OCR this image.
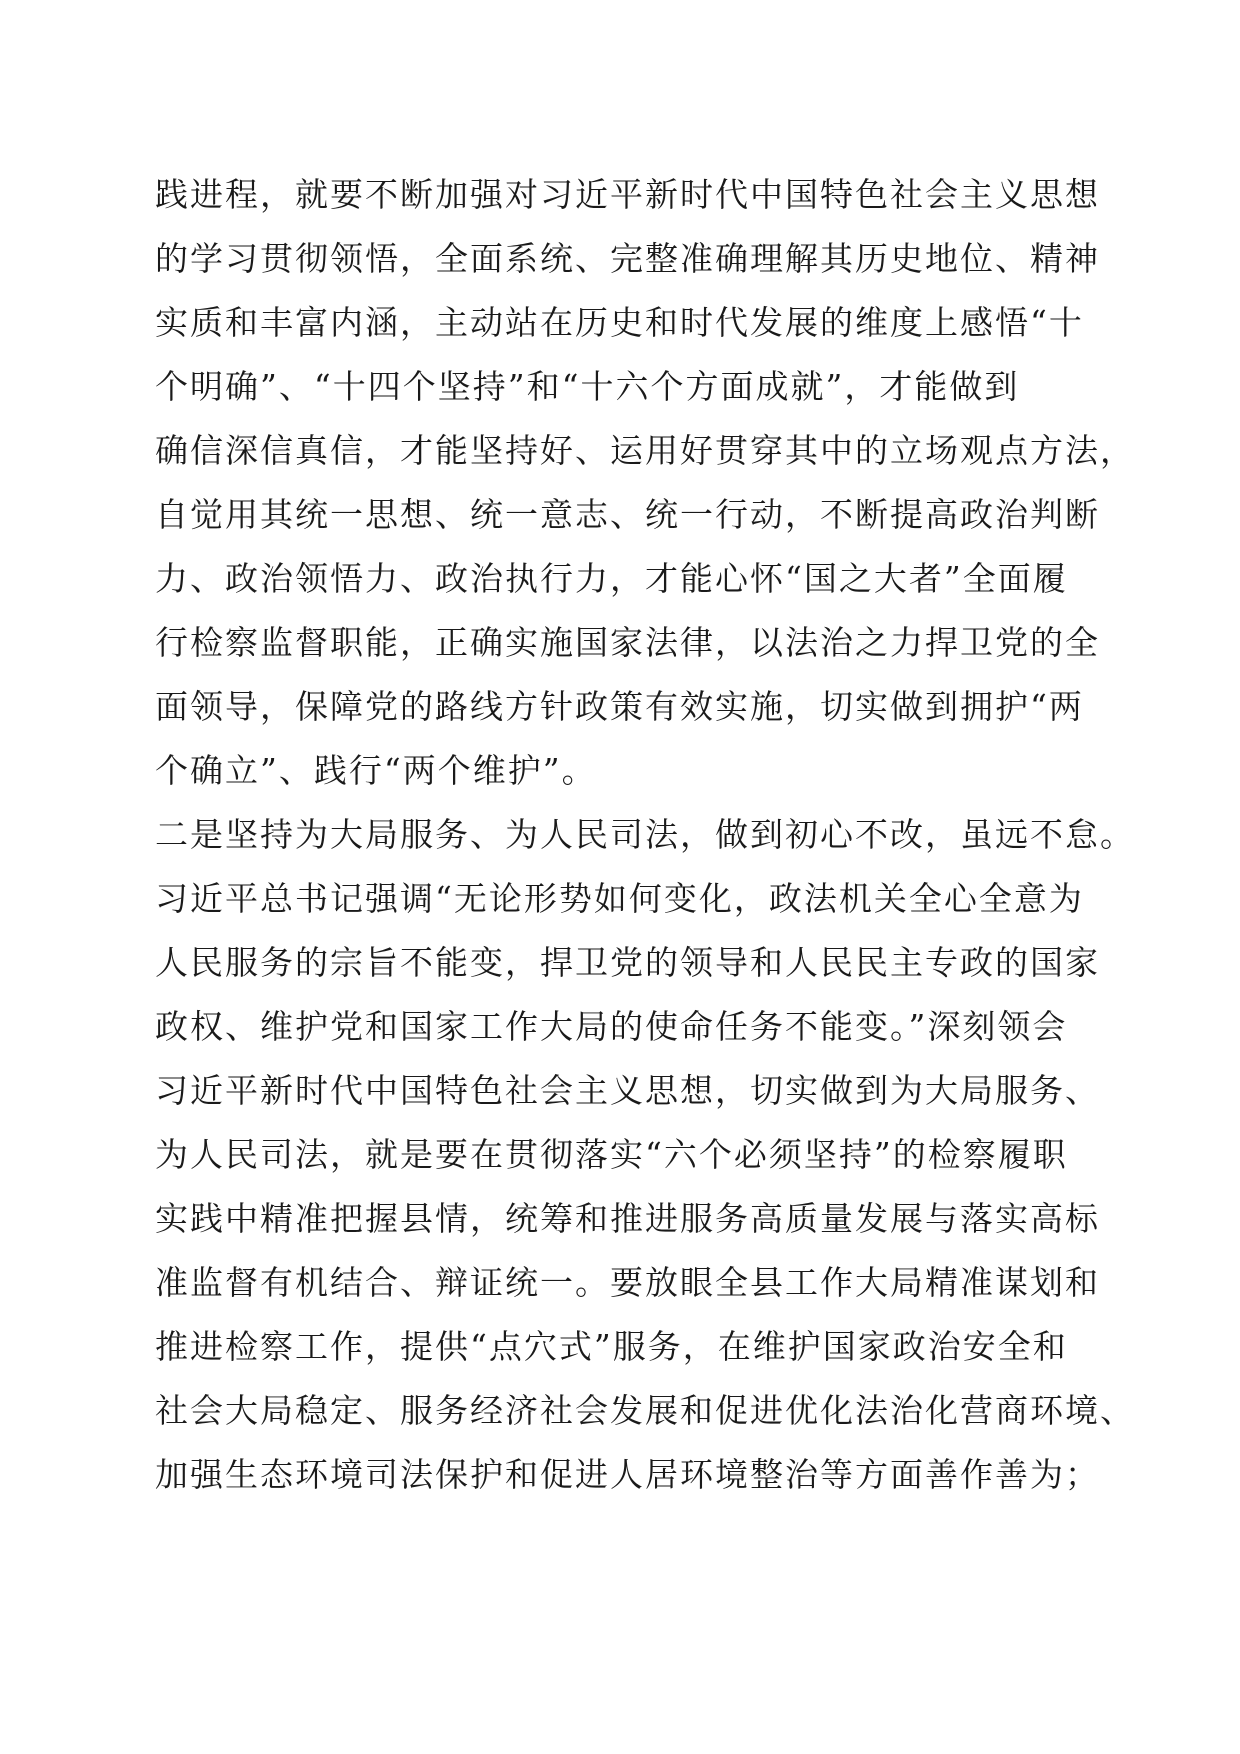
践进程，就要不断加强对习近平新时代中国特色社会主义思想
的学习贯彻领悟，全面系统、完整准确理解其历史地位、精神
实质和丰富内涵，主动站在历史和时代发展的维度上感悟“十
个明确”、“十四个坚持”和“十六个方面成就”，才能做到
确信深信真信，才能坚持好、运用好贯穿其中的立场观点方法，
自觉用其统一思想、统一意志、统一行动，不断提高政治判断
力、政治领悟力、政治执行力，才能心怀“国之大者”全面履
行检察监督职能，正确实施国家法律，以法治之力捍卫党的全
面领导，保障党的路线方针政策有效实施，切实做到拥护“两
个确立”、践行“两个维护”。
二是坚持为大局服务、为人民司法，做到初心不改，虽远不怠。
习近平总书记强调“无论形势如何变化，政法机关全心全意为
人民服务的宗旨不能变，捍卫党的领导和人民民主专政的国家
政权、维护党和国家工作大局的使命任务不能变。”深刻领会
习近平新时代中国特色社会主义思想，切实做到为大局服务、
为人民司法，就是要在贯彻落实“六个必须坚持”的检察履职
实践中精准把握县情，统筹和推进服务高质量发展与落实高标
准监督有机结合、辩证统一。要放眼全县工作大局精准谋划和
推进检察工作，提供“点穴式”服务，在维护国家政治安全和
社会大局稳定、服务经济社会发展和促进优化法治化营商环境、
加强生态环境司法保护和促进人居环境整治等方面善作善为；
